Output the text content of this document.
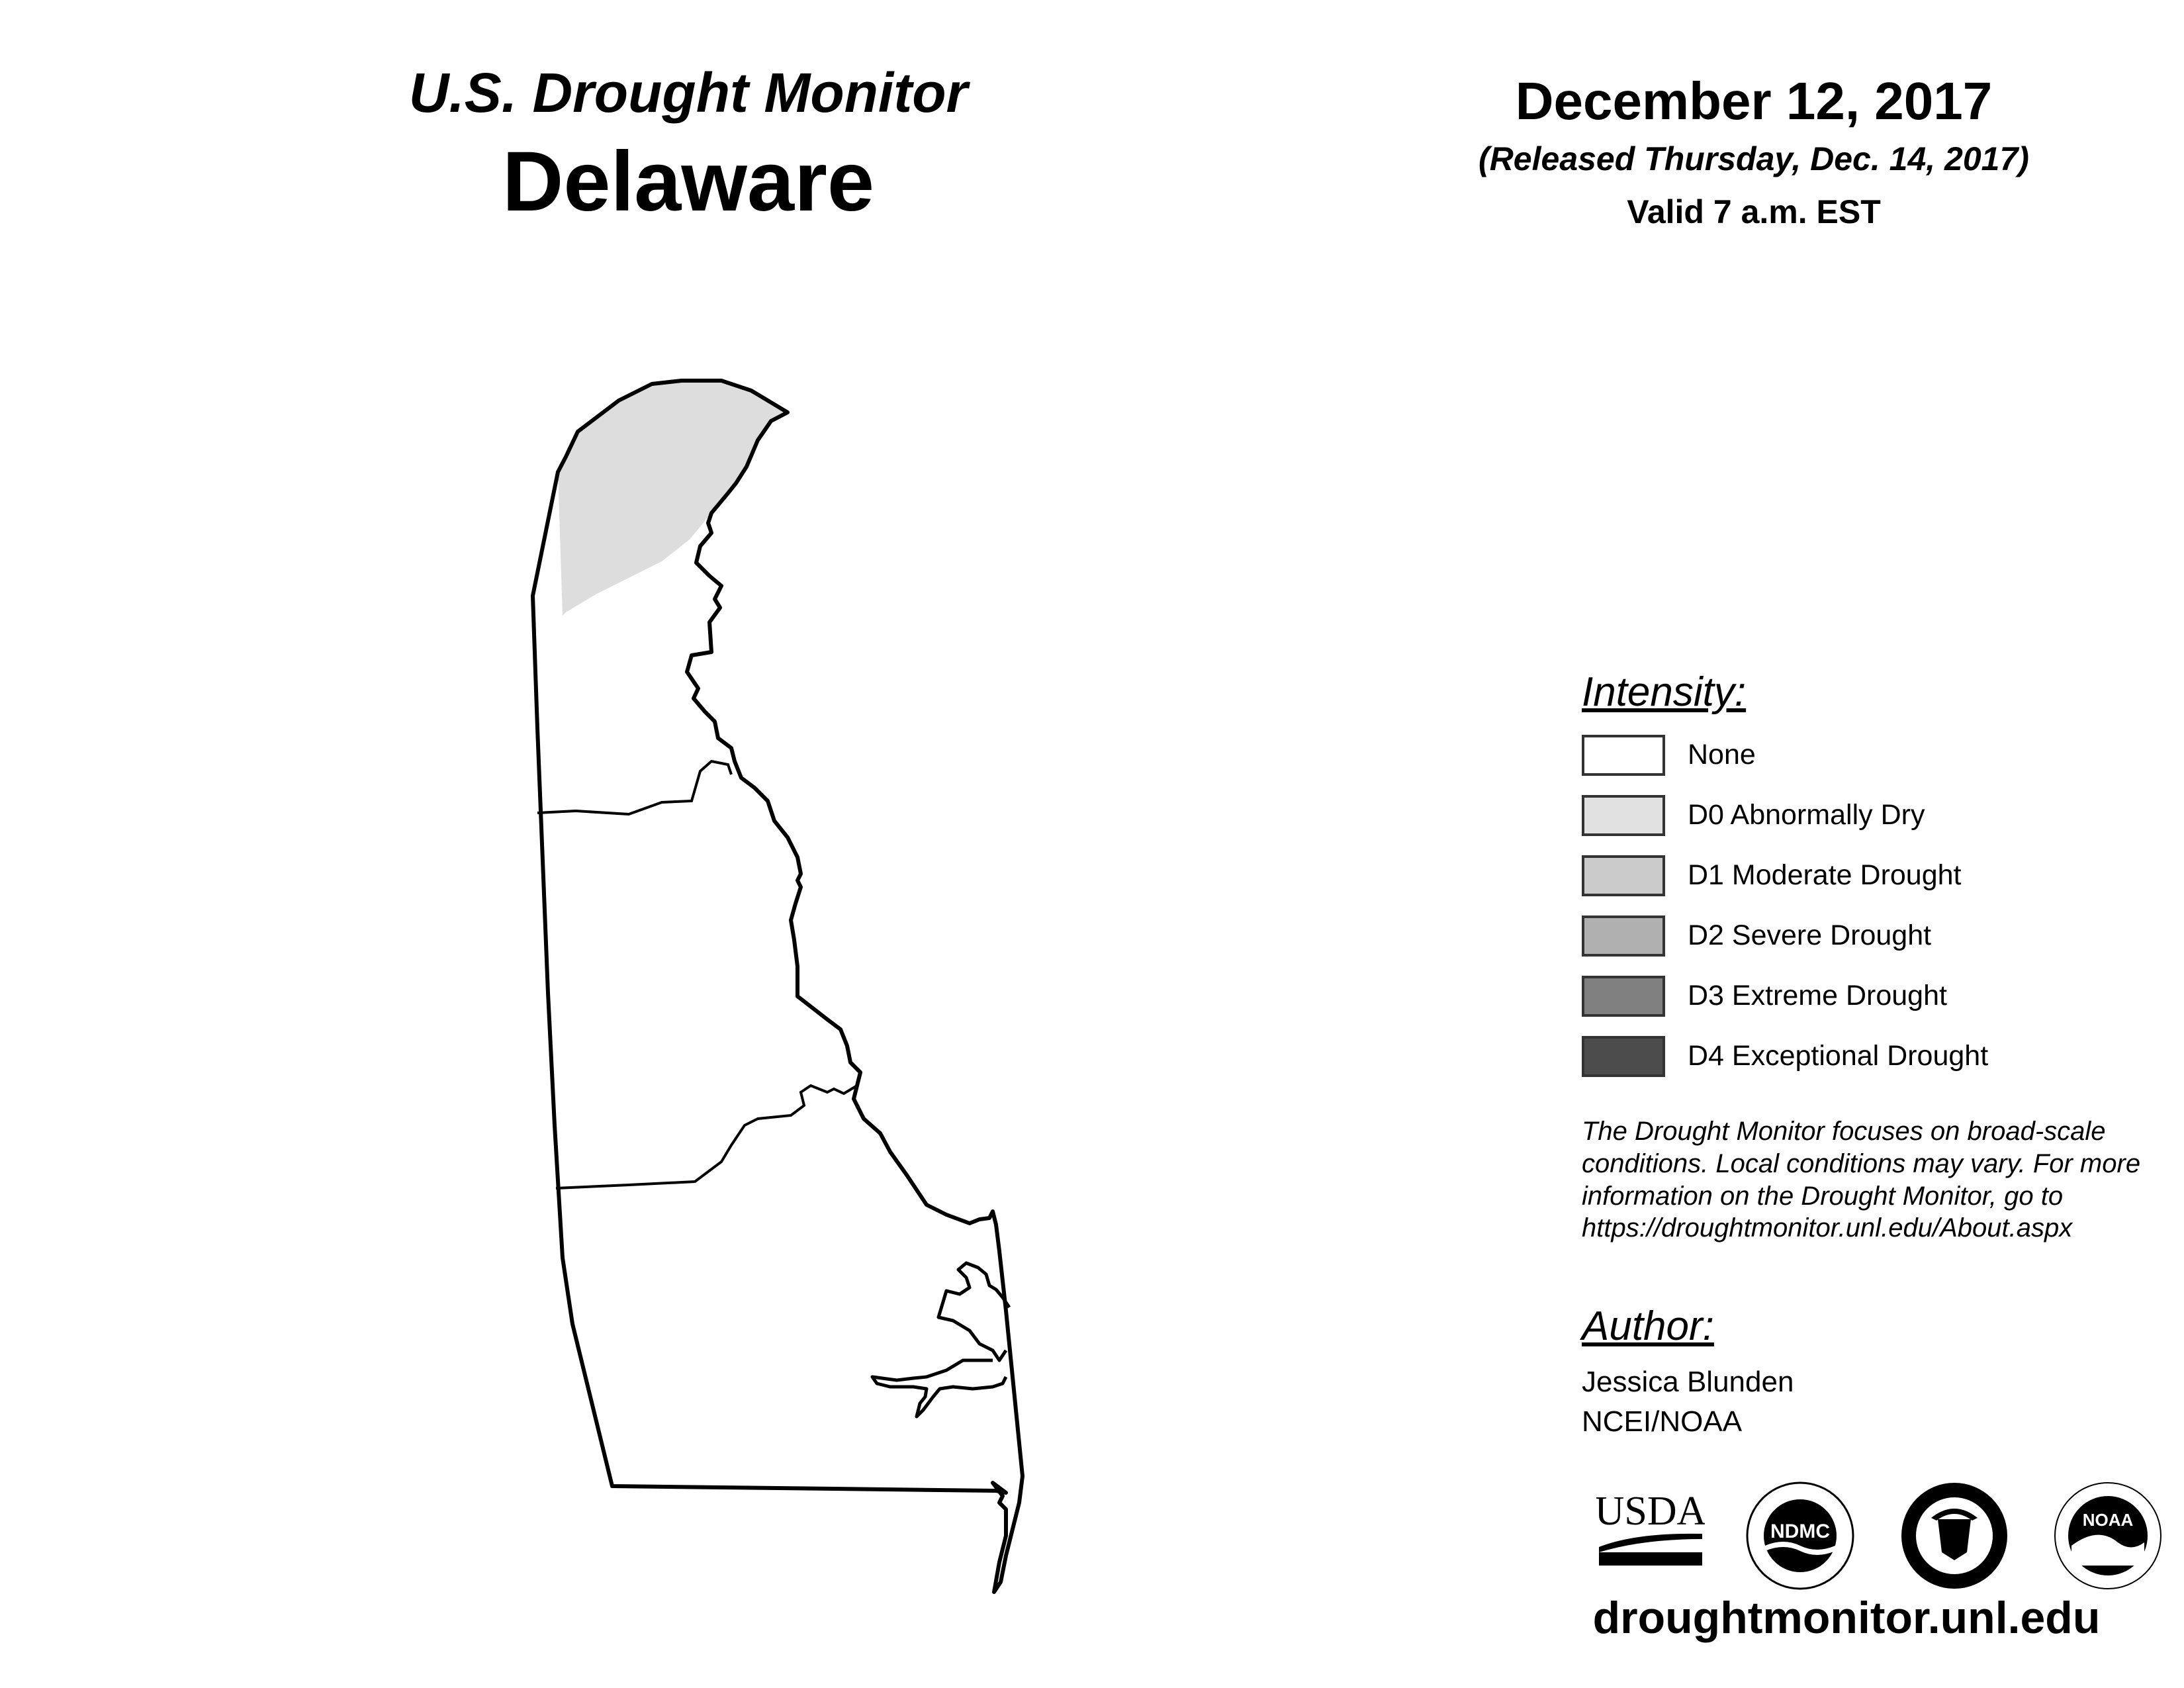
U.S. Drought Monitor
Delaware
December 12, 2017
(Released Thursday, Dec. 14, 2017)
Valid 7 a.m. EST
Intensity:
None
D0 Abnormally Dry
D1 Moderate Drought
D2 Severe Drought
D3 Extreme Drought
D4 Exceptional Drought

The Drought Monitor focuses on broad-scale

conditions. Local conditions may vary. For more

information on the Drought Monitor, go to

https://droughtmonitor.unl.edu/About.aspx

Author:
Jessica Blunden
NCEI/NOAA
USDA	NDMC
NOAA
droughtmonitor.unl.edu
